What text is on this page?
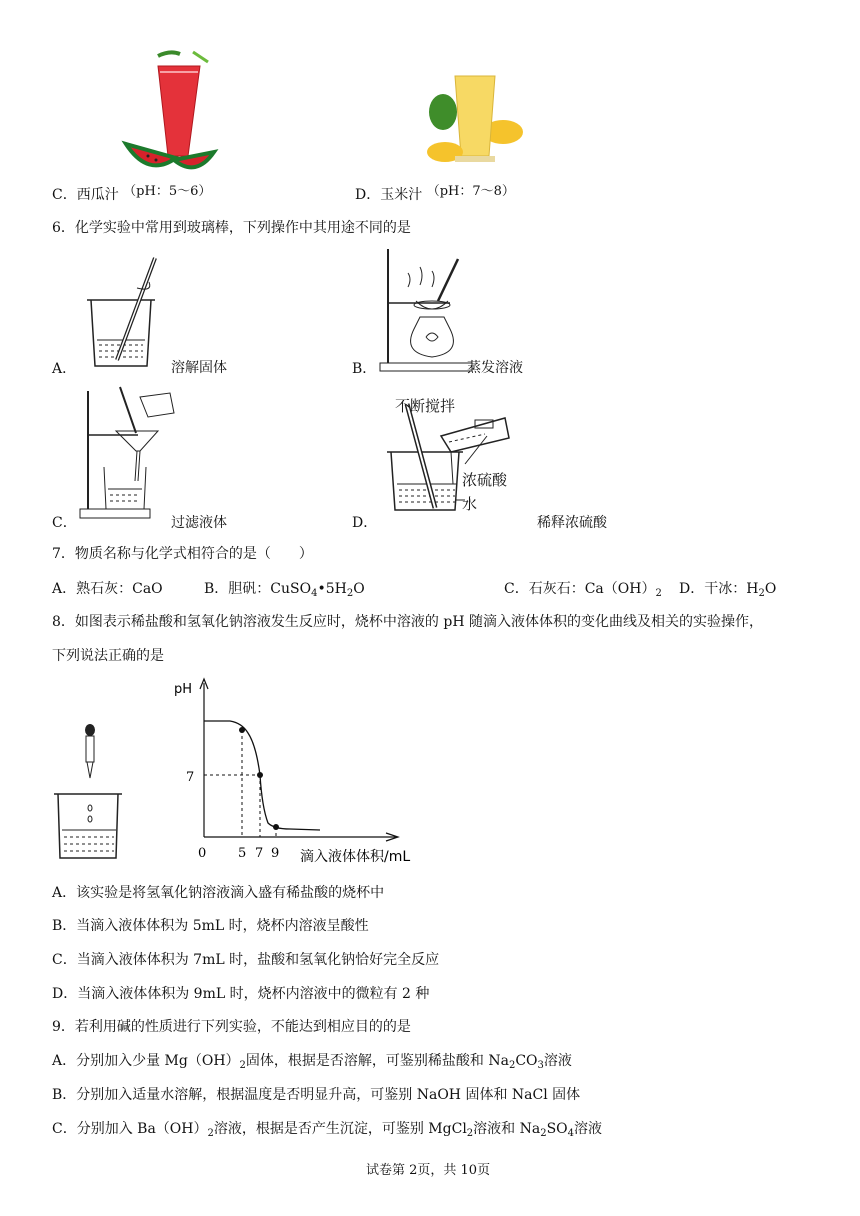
C．西瓜汁 （pH：5～6）	D．玉米汁 （pH：7～8）
6．化学实验中常用到玻璃棒，下列操作中其用途不同的是
A．	溶解固体	B．	蒸发溶液
C．	过滤液体
不断搅拌
浓硫酸
水
D．	稀释浓硫酸
7．物质名称与化学式相符合的是（　　）
A．熟石灰：CaO	B．胆矾：$CuSO_4•5H_2O$	C．石灰石：$Ca(OH)_2$ D．干冰：$H_2O$
8．如图表示稀盐酸和氢氧化钠溶液发生反应时，烧杯中溶液的 pH 随滴入液体体积的变化曲线及相关的实验操作，
下列说法正确的是
pH
7
0 5 7 9 滴入液体体积/mL
A．该实验是将氢氧化钠溶液滴入盛有稀盐酸的烧杯中
B．当滴入液体体积为 5mL 时，烧杯内溶液呈酸性
C．当滴入液体体积为 7mL 时，盐酸和氢氧化钠恰好完全反应
D．当滴入液体体积为 9mL 时，烧杯内溶液中的微粒有 2 种
9．若利用碱的性质进行下列实验，不能达到相应目的的是
A．分别加入少量 $Mg(OH)_2$固体，根据是否溶解，可鉴别稀盐酸和 $Na_2CO_3$溶液
B．分别加入适量水溶解，根据温度是否明显升高，可鉴别 NaOH 固体和 NaCl 固体
C．分别加入 $Ba(OH)_2$溶液，根据是否产生沉淀，可鉴别 MgCl$_2$溶液和 $Na_2SO_4$溶液
试卷第 2页，共 10页
